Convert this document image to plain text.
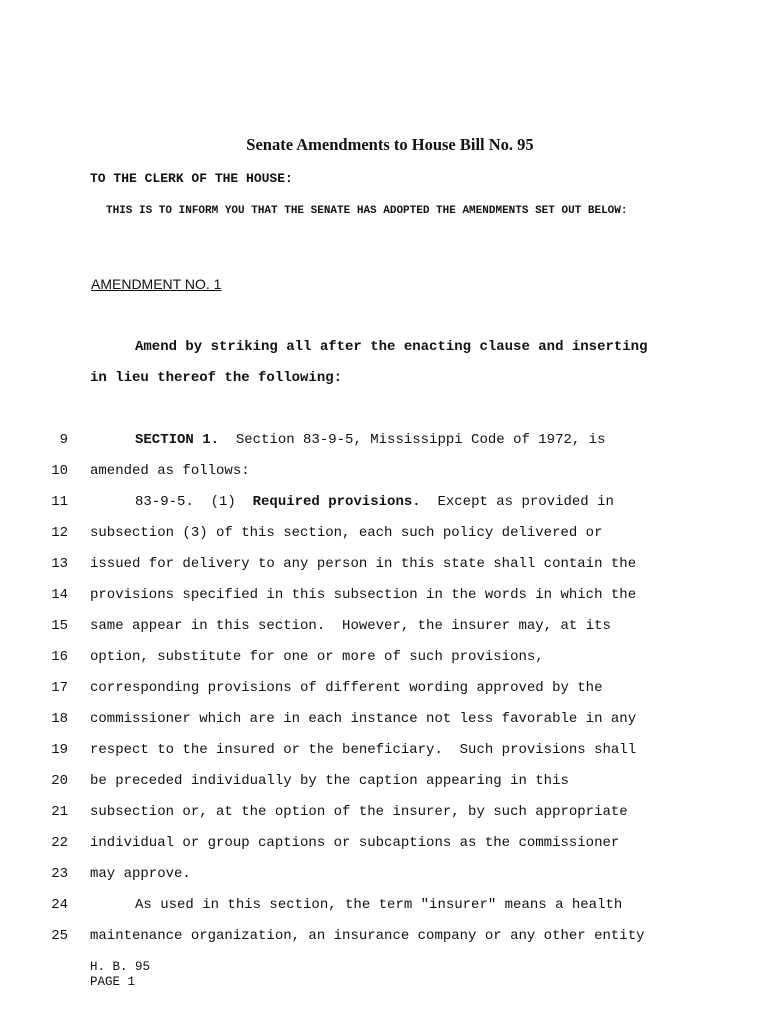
Senate Amendments to House Bill No. 95
TO THE CLERK OF THE HOUSE:
THIS IS TO INFORM YOU THAT THE SENATE HAS ADOPTED THE AMENDMENTS SET OUT BELOW:
AMENDMENT NO. 1
Amend by striking all after the enacting clause and inserting
in lieu thereof the following:
9	SECTION 1.  Section 83-9-5, Mississippi Code of 1972, is
10 amended as follows:
11	83-9-5.  (1)  Required provisions.  Except as provided in
12 subsection (3) of this section, each such policy delivered or
13 issued for delivery to any person in this state shall contain the
14 provisions specified in this subsection in the words in which the
15 same appear in this section.  However, the insurer may, at its
16 option, substitute for one or more of such provisions,
17 corresponding provisions of different wording approved by the
18 commissioner which are in each instance not less favorable in any
19 respect to the insured or the beneficiary.  Such provisions shall
20 be preceded individually by the caption appearing in this
21 subsection or, at the option of the insurer, by such appropriate
22 individual or group captions or subcaptions as the commissioner
23 may approve.
24	As used in this section, the term "insurer" means a health
25 maintenance organization, an insurance company or any other entity
H. B. 95
PAGE 1
